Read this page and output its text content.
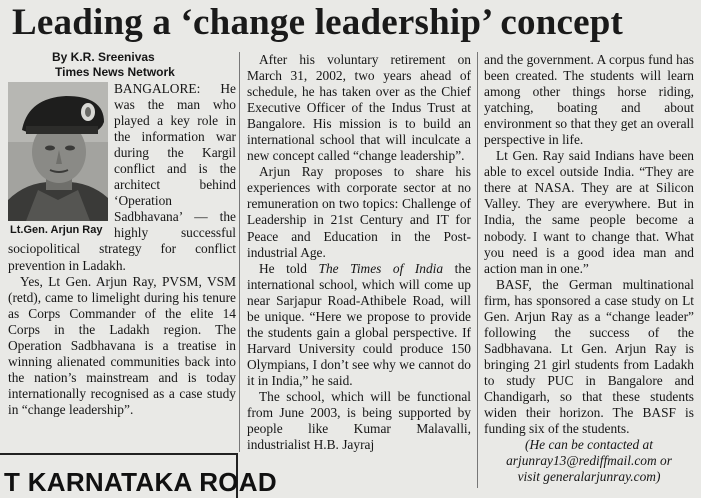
Leading a ‘change leadership’ concept
By K.R. Sreenivas
Times News Network
Lt.Gen. Arjun Ray

BANGALORE: He was the man who played a key role in the information war during the Kargil conflict and is the architect behind ‘Operation Sadbhavana’ — the highly successful sociopolitical strategy for conflict prevention in Ladakh.

Yes, Lt Gen. Arjun Ray, PVSM, VSM (retd), came to limelight during his tenure as Corps Commander of the elite 14 Corps in the Ladakh region. The Operation Sadbhavana is a treatise in winning alienated communities back into the nation’s mainstream and is today internationally recognised as a case study in “change leadership”.

After his voluntary retirement on March 31, 2002, two years ahead of schedule, he has taken over as the Chief Executive Officer of the Indus Trust at Bangalore. His mission is to build an international school that will inculcate a new concept called “change leadership”.

Arjun Ray proposes to share his experiences with corporate sector at no remuneration on two topics: Challenge of Leadership in 21st Century and IT for Peace and Education in the Post-industrial Age.

He told The Times of India the international school, which will come up near Sarjapur Road-Athibele Road, will be unique. “Here we propose to provide the students gain a global perspective. If Harvard University could produce 150 Olympians, I don’t see why we cannot do it in India,” he said.

The school, which will be functional from June 2003, is being supported by people like Kumar Malavalli, industrialist H.B. Jayraj

and the government. A corpus fund has been created. The students will learn among other things horse riding, yatching, boating and about environment so that they get an overall perspective in life.

Lt Gen. Ray said Indians have been able to excel outside India. “They are there at NASA. They are at Silicon Valley. They are everywhere. But in India, the same people become a nobody. I want to change that. What you need is a good idea man and action man in one.”

BASF, the German multinational firm, has sponsored a case study on Lt Gen. Arjun Ray as a “change leader” following the success of the Sadbhavana. Lt Gen. Arjun Ray is bringing 21 girl students from Ladakh to study PUC in Bangalore and Chandigarh, so that these students widen their horizon. The BASF is funding six of the students.

(He can be contacted at

arjunray13@rediffmail.com or

visit generalarjunray.com)

T KARNATAKA ROAD
